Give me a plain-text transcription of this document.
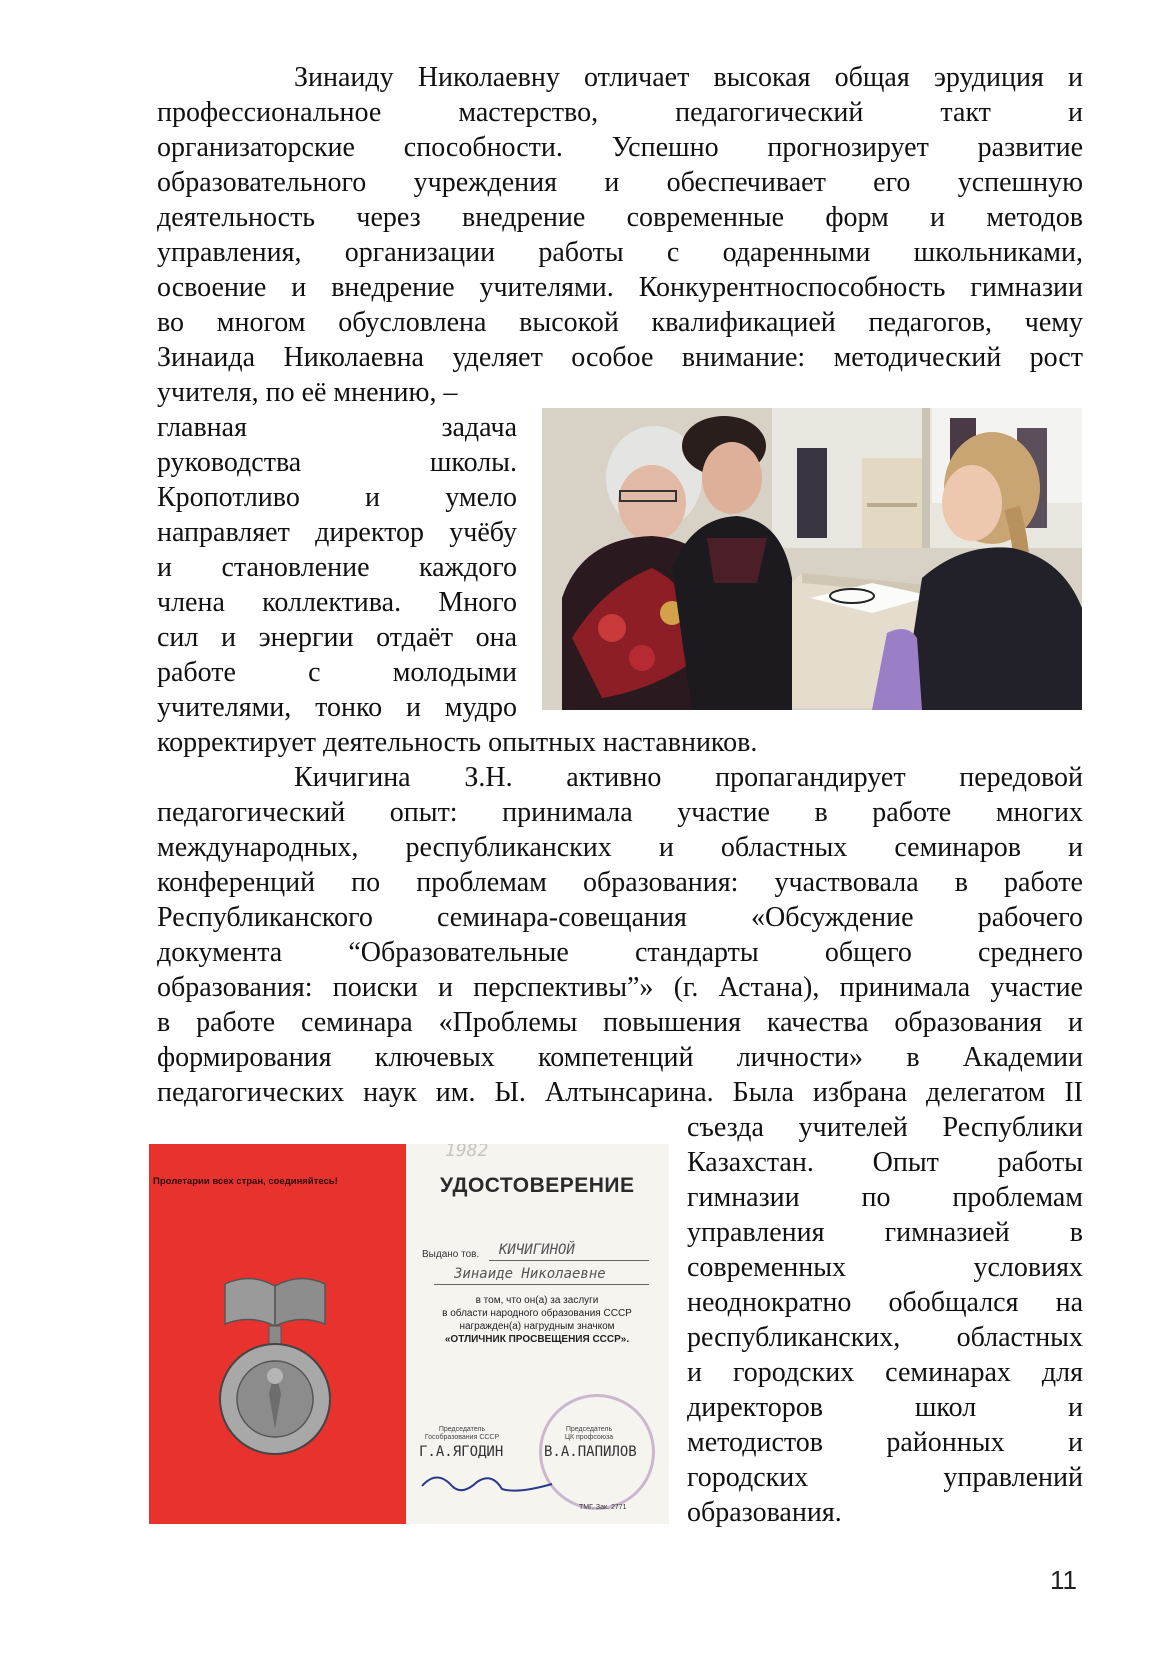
Зинаиду Николаевну отличает высокая общая эрудиция и
профессиональное мастерство, педагогический такт и
организаторские способности. Успешно прогнозирует развитие
образовательного учреждения и обеспечивает его успешную
деятельность через внедрение современные форм и методов
управления, организации работы с одаренными школьниками,
освоение и внедрение учителями. Конкурентноспособность гимназии
во многом обусловлена высокой квалификацией педагогов, чему
Зинаида Николаевна уделяет особое внимание: методический рост
учителя, по её мнению, –
главная задача
руководства школы.
Кропотливо и умело
направляет директор учёбу
и становление каждого
члена коллектива. Много
сил и энергии отдаёт она
работе с молодыми
учителями, тонко и мудро
корректирует деятельность опытных наставников.
Кичигина З.Н. активно пропагандирует передовой
педагогический опыт: принимала участие в работе многих
международных, республиканских и областных семинаров и
конференций по проблемам образования: участвовала в работе
Республиканского семинара-совещания «Обсуждение рабочего
документа “Образовательные стандарты общего среднего
образования: поиски и перспективы”» (г. Астана), принимала участие
в работе семинара «Проблемы повышения качества образования и
формирования ключевых компетенций личности» в Академии
педагогических наук им. Ы. Алтынсарина. Была избрана делегатом II
съезда учителей Республики
Казахстан. Опыт работы
гимназии по проблемам
управления гимназией в
современных условиях
неоднократно обобщался на
республиканских, областных
и городских семинарах для
директоров школ и
методистов районных и
городских управлений
образования.
Пролетарии всех стран, соединяйтесь!
1982
УДОСТОВЕРЕНИЕ
Выдано тов. КИЧИГИНОЙ
Зинаиде Николаевне
в том, что он(а) за заслуги
в области народного образования СССР
награжден(а) нагрудным значком
«ОТЛИЧНИК ПРОСВЕЩЕНИЯ СССР».
Председатель
Гособразования СССР
Г.А.ЯГОДИН
Председатель
ЦК профсоюза
В.А.ПАПИЛОВ
ТМГ. Зак. 2771
11
